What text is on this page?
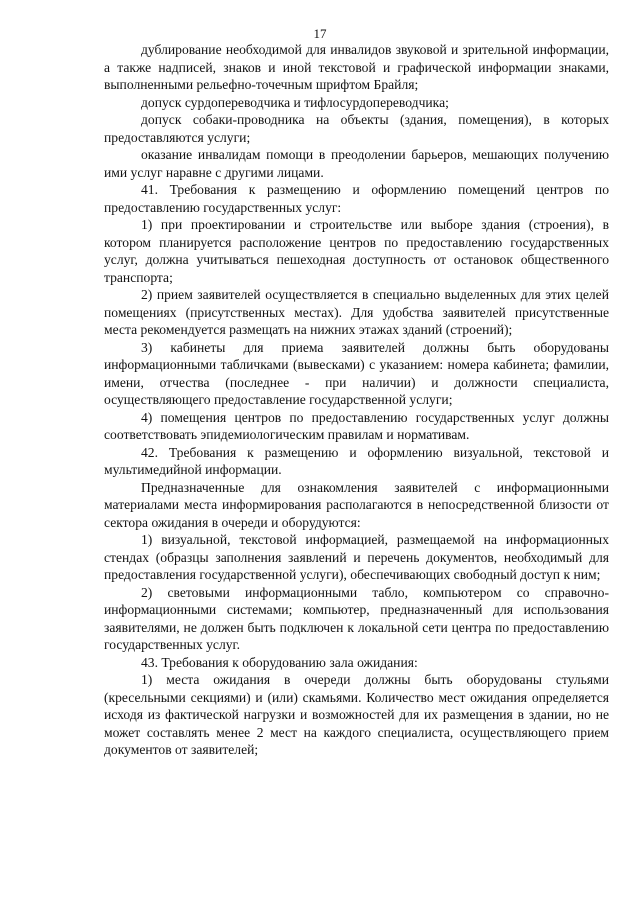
17

дублирование необходимой для инвалидов звуковой и зрительной информации, а также надписей, знаков и иной текстовой и графической информации знаками, выполненными рельефно-точечным шрифтом Брайля;

допуск сурдопереводчика и тифлосурдопереводчика;

допуск собаки-проводника на объекты (здания, помещения), в которых предоставляются услуги;

оказание инвалидам помощи в преодолении барьеров, мешающих получению ими услуг наравне с другими лицами.

41. Требования к размещению и оформлению помещений центров по предоставлению государственных услуг:

1) при проектировании и строительстве или выборе здания (строения), в котором планируется расположение центров по предоставлению государственных услуг, должна учитываться пешеходная доступность от остановок общественного транспорта;

2) прием заявителей осуществляется в специально выделенных для этих целей помещениях (присутственных местах). Для удобства заявителей присутственные места рекомендуется размещать на нижних этажах зданий (строений);

3) кабинеты для приема заявителей должны быть оборудованы информационными табличками (вывесками) с указанием: номера кабинета; фамилии, имени, отчества (последнее - при наличии) и должности специалиста, осуществляющего предоставление государственной услуги;

4) помещения центров по предоставлению государственных услуг должны соответствовать эпидемиологическим правилам и нормативам.

42. Требования к размещению и оформлению визуальной, текстовой и мультимедийной информации.

Предназначенные для ознакомления заявителей с информационными материалами места информирования располагаются в непосредственной близости от сектора ожидания в очереди и оборудуются:

1) визуальной, текстовой информацией, размещаемой на информационных стендах (образцы заполнения заявлений и перечень документов, необходимый для предоставления государственной услуги), обеспечивающих свободный доступ к ним;

2) световыми информационными табло, компьютером со справочно-информационными системами; компьютер, предназначенный для использования заявителями, не должен быть подключен к локальной сети центра по предоставлению государственных услуг.

43. Требования к оборудованию зала ожидания:

1) места ожидания в очереди должны быть оборудованы стульями (кресельными секциями) и (или) скамьями. Количество мест ожидания определяется исходя из фактической нагрузки и возможностей для их размещения в здании, но не может составлять менее 2 мест на каждого специалиста, осуществляющего прием документов от заявителей;
